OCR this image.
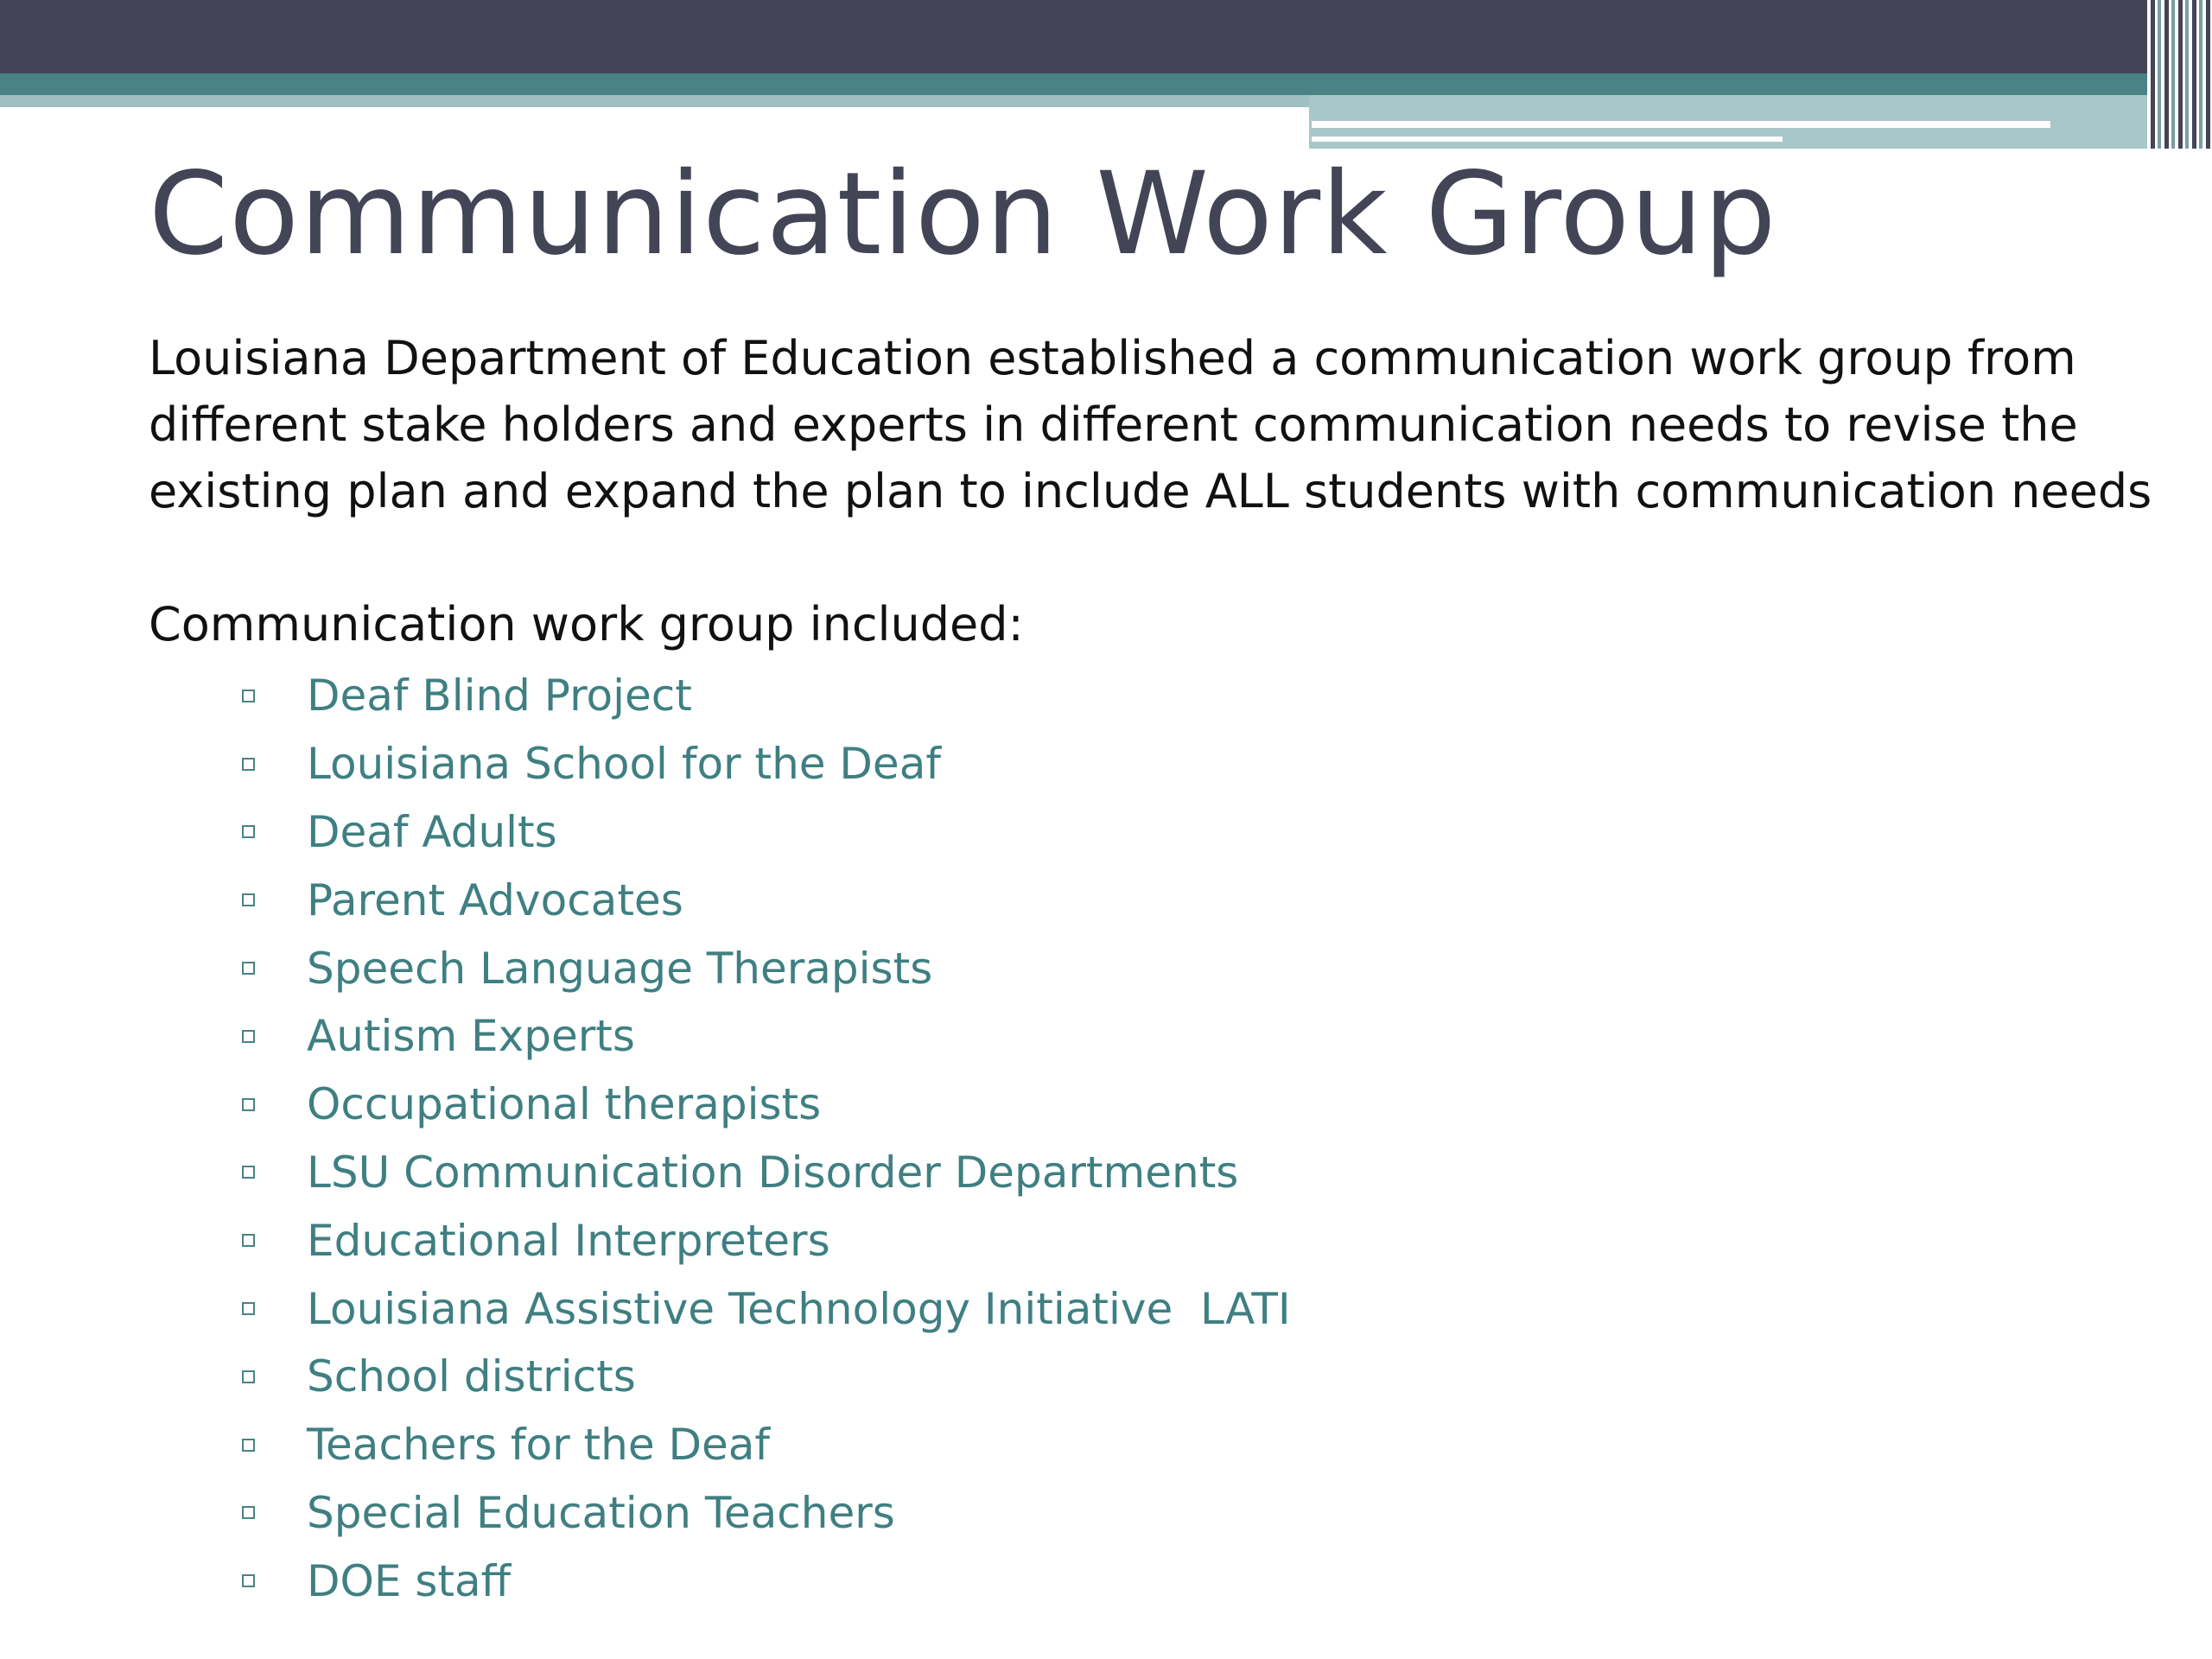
Communication Work Group

Louisiana Department of Education established a communication work group from different stake holders and experts in different communication needs to revise the existing plan and expand the plan to include ALL students with communication needs

Communication work group included:

Deaf Blind Project
Louisiana School for the Deaf
Deaf Adults
Parent Advocates
Speech Language Therapists
Autism Experts
Occupational therapists
LSU Communication Disorder Departments
Educational Interpreters
Louisiana Assistive Technology Initiative  LATI
School districts
Teachers for the Deaf
Special Education Teachers
DOE staff
